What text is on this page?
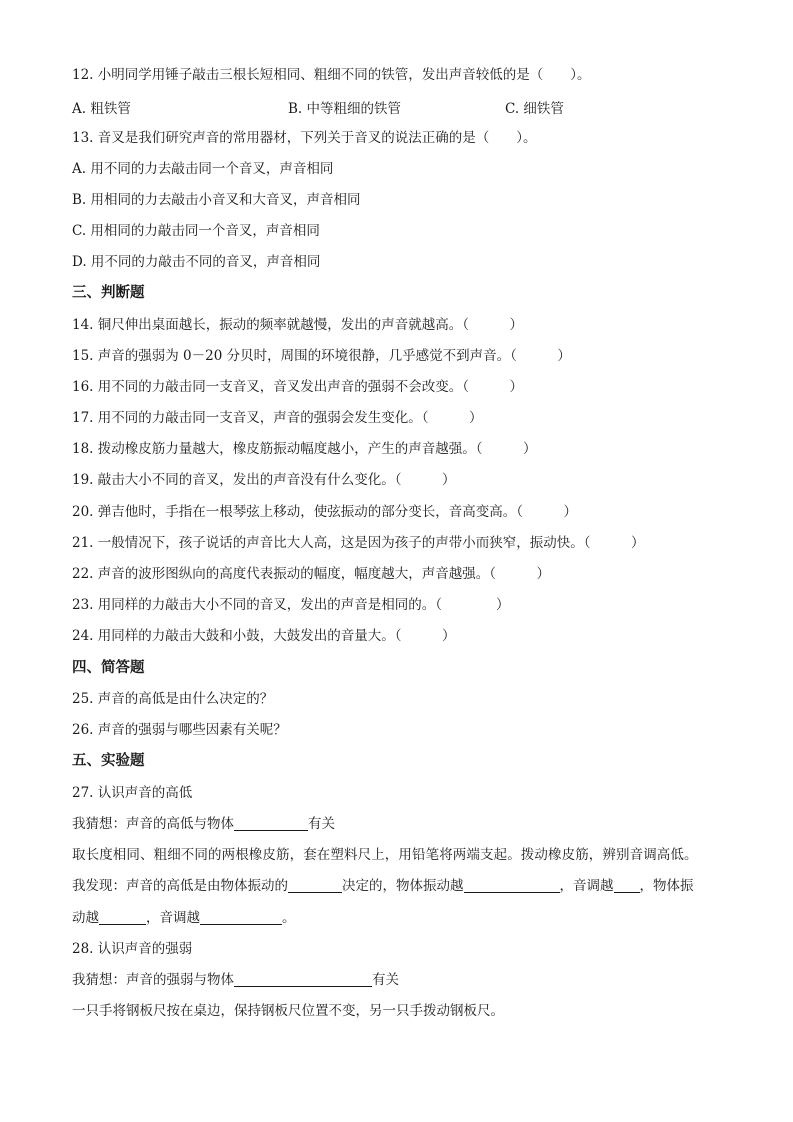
12. 小明同学用锤子敲击三根长短相同、粗细不同的铁管，发出声音较低的是（　　）。
A. 粗铁管	B. 中等粗细的铁管	C. 细铁管
13. 音叉是我们研究声音的常用器材，下列关于音叉的说法正确的是（　　）。
A. 用不同的力去敲击同一个音叉，声音相同
B. 用相同的力去敲击小音叉和大音叉，声音相同
C. 用相同的力敲击同一个音叉，声音相同
D. 用不同的力敲击不同的音叉，声音相同
三、判断题
14. 铜尺伸出桌面越长，振动的频率就越慢，发出的声音就越高。（　　　）
15. 声音的强弱为 0－20 分贝时，周围的环境很静，几乎感觉不到声音。（　　　）
16. 用不同的力敲击同一支音叉，音叉发出声音的强弱不会改变。（　　　）
17. 用不同的力敲击同一支音叉，声音的强弱会发生变化。（　　　）
18. 拨动橡皮筋力量越大，橡皮筋振动幅度越小，产生的声音越强。（　　　）
19. 敲击大小不同的音叉，发出的声音没有什么变化。（　　　）
20. 弹吉他时，手指在一根琴弦上移动，使弦振动的部分变长，音高变高。（　　　）
21. 一般情况下，孩子说话的声音比大人高，这是因为孩子的声带小而狭窄，振动快。（　　　）
22. 声音的波形图纵向的高度代表振动的幅度，幅度越大，声音越强。（　　　）
23. 用同样的力敲击大小不同的音叉，发出的声音是相同的。（　　　　）
24. 用同样的力敲击大鼓和小鼓，大鼓发出的音量大。（　　　）
四、简答题
25. 声音的高低是由什么决定的？
26. 声音的强弱与哪些因素有关呢？
五、实验题
27. 认识声音的高低
我猜想：声音的高低与物体	有关
取长度相同、粗细不同的两根橡皮筋，套在塑料尺上，用铅笔将两端支起。拨动橡皮筋，辨别音调高低。
我发现：声音的高低是由物体振动的	决定的，物体振动越	，音调越 ，物体振
动越	，音调越	。
28. 认识声音的强弱
我猜想：声音的强弱与物体	有关
一只手将钢板尺按在桌边，保持钢板尺位置不变，另一只手拨动钢板尺。
